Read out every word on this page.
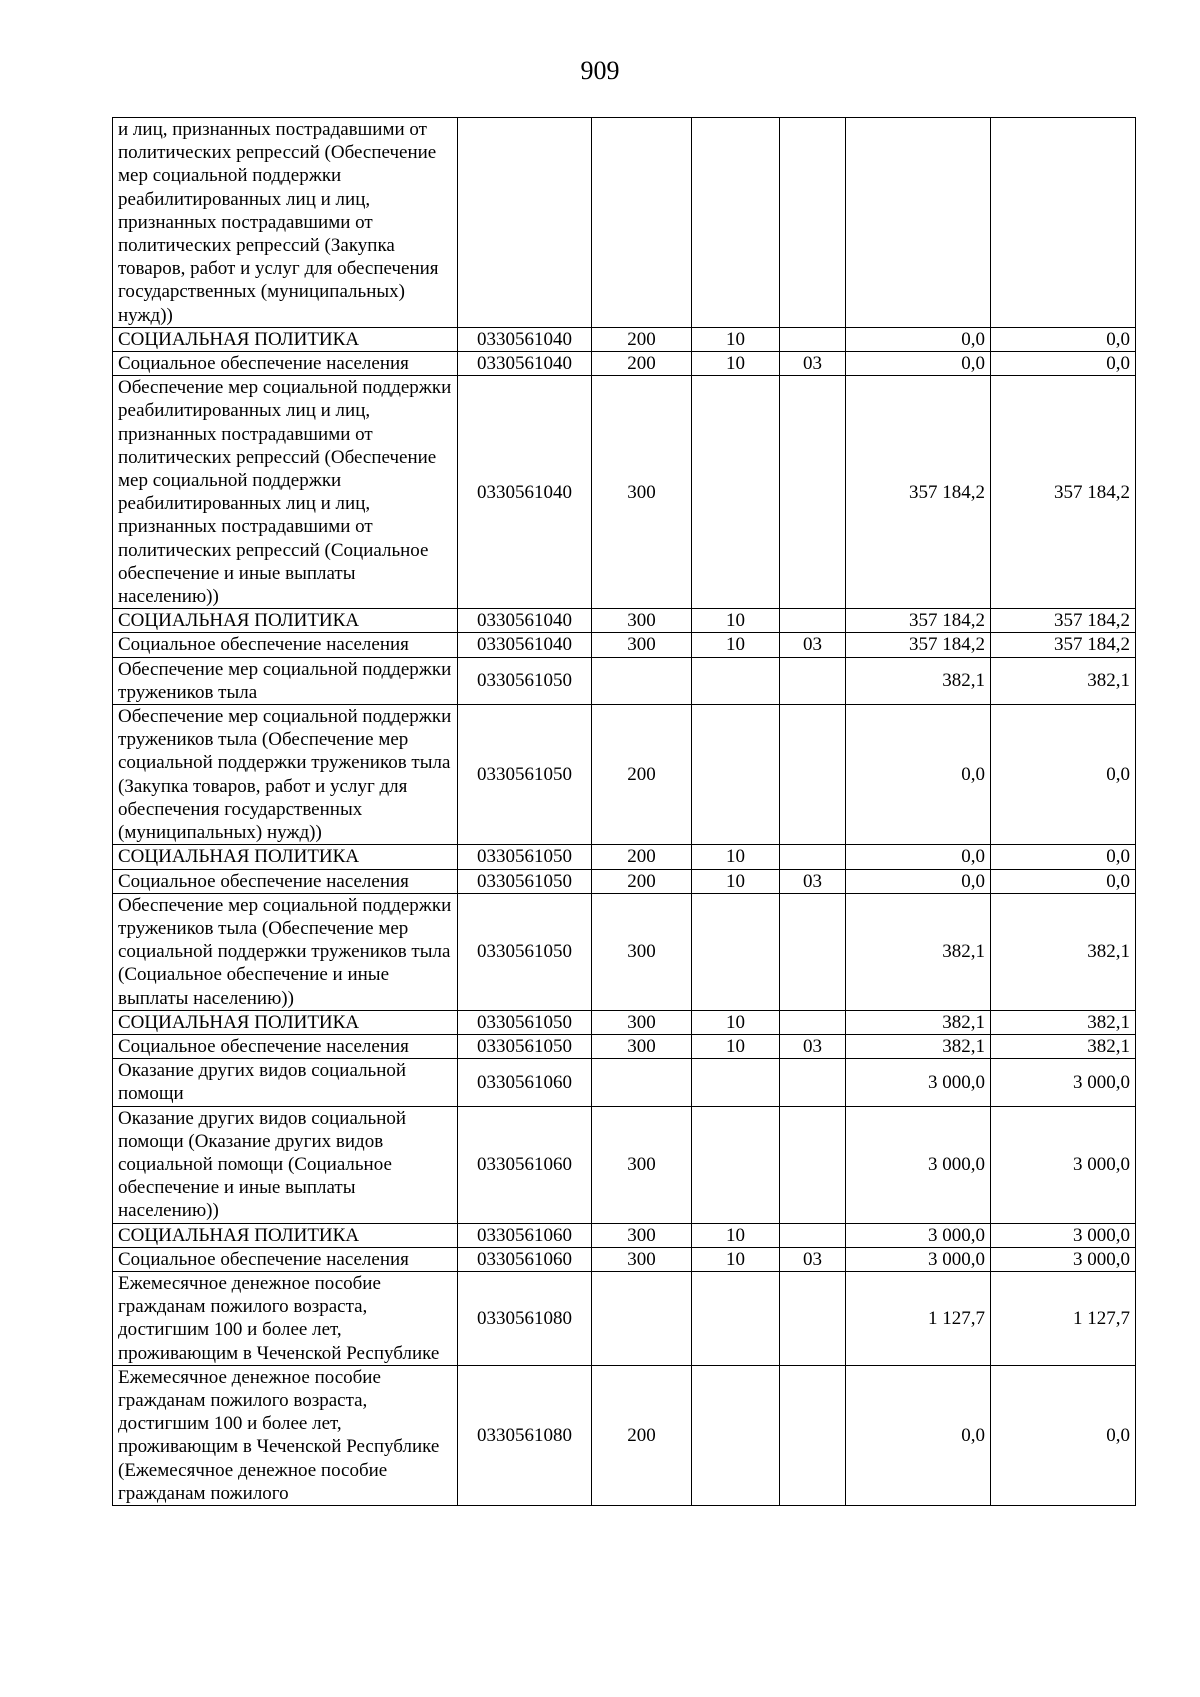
909
и лиц, признанных пострадавшими от политических репрессий (Обеспечение мер социальной поддержки реабилитированных лиц и лиц, признанных пострадавшими от политических репрессий (Закупка товаров, работ и услуг для обеспечения государственных (муниципальных) нужд))						

СОЦИАЛЬНАЯ ПОЛИТИКА	0330561040	200	10		0,0	0,0

Социальное обеспечение населения	0330561040	200	10	03	0,0	0,0

Обеспечение мер социальной поддержки реабилитированных лиц и лиц, признанных пострадавшими от политических репрессий (Обеспечение мер социальной поддержки реабилитированных лиц и лиц, признанных пострадавшими от политических репрессий (Социальное обеспечение и иные выплаты населению))	0330561040	300			357 184,2	357 184,2

СОЦИАЛЬНАЯ ПОЛИТИКА	0330561040	300	10		357 184,2	357 184,2

Социальное обеспечение населения	0330561040	300	10	03	357 184,2	357 184,2

Обеспечение мер социальной поддержки тружеников тыла	0330561050				382,1	382,1

Обеспечение мер социальной поддержки тружеников тыла (Обеспечение мер социальной поддержки тружеников тыла (Закупка товаров, работ и услуг для обеспечения государственных (муниципальных) нужд))	0330561050	200			0,0	0,0

СОЦИАЛЬНАЯ ПОЛИТИКА	0330561050	200	10		0,0	0,0

Социальное обеспечение населения	0330561050	200	10	03	0,0	0,0

Обеспечение мер социальной поддержки тружеников тыла (Обеспечение мер социальной поддержки тружеников тыла (Социальное обеспечение и иные выплаты населению))	0330561050	300			382,1	382,1

СОЦИАЛЬНАЯ ПОЛИТИКА	0330561050	300	10		382,1	382,1

Социальное обеспечение населения	0330561050	300	10	03	382,1	382,1

Оказание других видов социальной помощи	0330561060				3 000,0	3 000,0

Оказание других видов социальной помощи (Оказание других видов социальной помощи (Социальное обеспечение и иные выплаты населению))	0330561060	300			3 000,0	3 000,0

СОЦИАЛЬНАЯ ПОЛИТИКА	0330561060	300	10		3 000,0	3 000,0

Социальное обеспечение населения	0330561060	300	10	03	3 000,0	3 000,0

Ежемесячное денежное пособие гражданам пожилого возраста, достигшим 100 и более лет, проживающим в Чеченской Республике	0330561080				1 127,7	1 127,7

Ежемесячное денежное пособие гражданам пожилого возраста, достигшим 100 и более лет, проживающим в Чеченской Республике (Ежемесячное денежное пособие гражданам пожилого	0330561080	200			0,0	0,0
